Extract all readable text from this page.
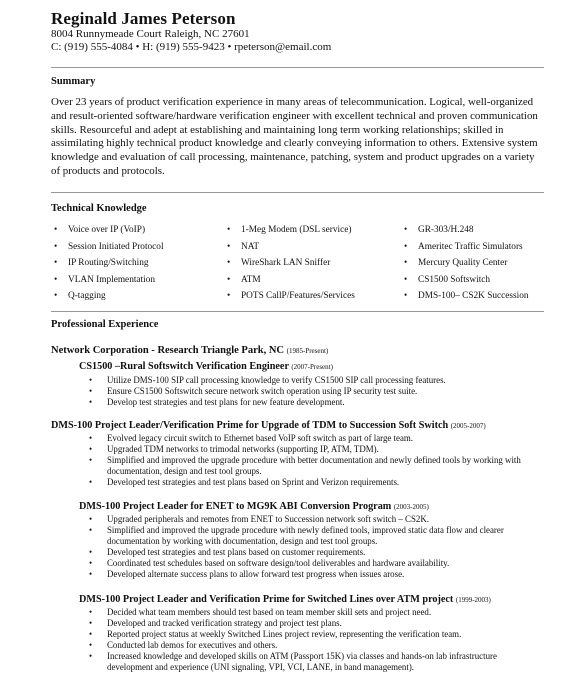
Reginald James Peterson
8004 Runnymeade Court Raleigh, NC 27601
C: (919) 555-4084 • H: (919) 555-9423 • rpeterson@email.com
Summary
Over 23 years of product verification experience in many areas of telecommunication. Logical, well-organized and result-oriented software/hardware verification engineer with excellent technical and proven communication skills. Resourceful and adept at establishing and maintaining long term working relationships; skilled in assimilating highly technical product knowledge and clearly conveying information to others. Extensive system knowledge and evaluation of call processing, maintenance, patching, system and product upgrades on a variety of products and protocols.
Technical Knowledge
• Voice over IP (VoIP)
• Session Initiated Protocol
• IP Routing/Switching
• VLAN Implementation
• Q-tagging
• 1-Meg Modem (DSL service)
• NAT
• WireShark LAN Sniffer
• ATM
• POTS CallP/Features/Services
• GR-303/H.248
• Ameritec Traffic Simulators
• Mercury Quality Center
• CS1500 Softswitch
• DMS-100– CS2K Succession
Professional Experience
Network Corporation - Research Triangle Park, NC (1985-Present)
CS1500 –Rural Softswitch Verification Engineer (2007-Present)
• Utilize DMS-100 SIP call processing knowledge to verify CS1500 SIP call processing features.
• Ensure CS1500 Softswitch secure network switch operation using IP security test suite.
• Develop test strategies and test plans for new feature development.
DMS-100 Project Leader/Verification Prime for Upgrade of TDM to Succession Soft Switch (2005-2007)
• Evolved legacy circuit switch to Ethernet based VoIP soft switch as part of large team.
• Upgraded TDM networks to trimodal networks (supporting IP, ATM, TDM).
• Simplified and improved the upgrade procedure with better documentation and newly defined tools by working with documentation, design and test tool groups.
• Developed test strategies and test plans based on Sprint and Verizon requirements.
DMS-100 Project Leader for ENET to MG9K ABI Conversion Program (2003-2005)
• Upgraded peripherals and remotes from ENET to Succession network soft switch – CS2K.
• Simplified and improved the upgrade procedure with newly defined tools, improved static data flow and clearer documentation by working with documentation, design and test tool groups.
• Developed test strategies and test plans based on customer requirements.
• Coordinated test schedules based on software design/tool deliverables and hardware availability.
• Developed alternate success plans to allow forward test progress when issues arose.
DMS-100 Project Leader and Verification Prime for Switched Lines over ATM project (1999-2003)
• Decided what team members should test based on team member skill sets and project need.
• Developed and tracked verification strategy and project test plans.
• Reported project status at weekly Switched Lines project review, representing the verification team.
• Conducted lab demos for executives and others.
• Increased knowledge and developed skills on ATM (Passport 15K) via classes and hands-on lab infrastructure development and experience (UNI signaling, VPI, VCI, LANE, in band management).
